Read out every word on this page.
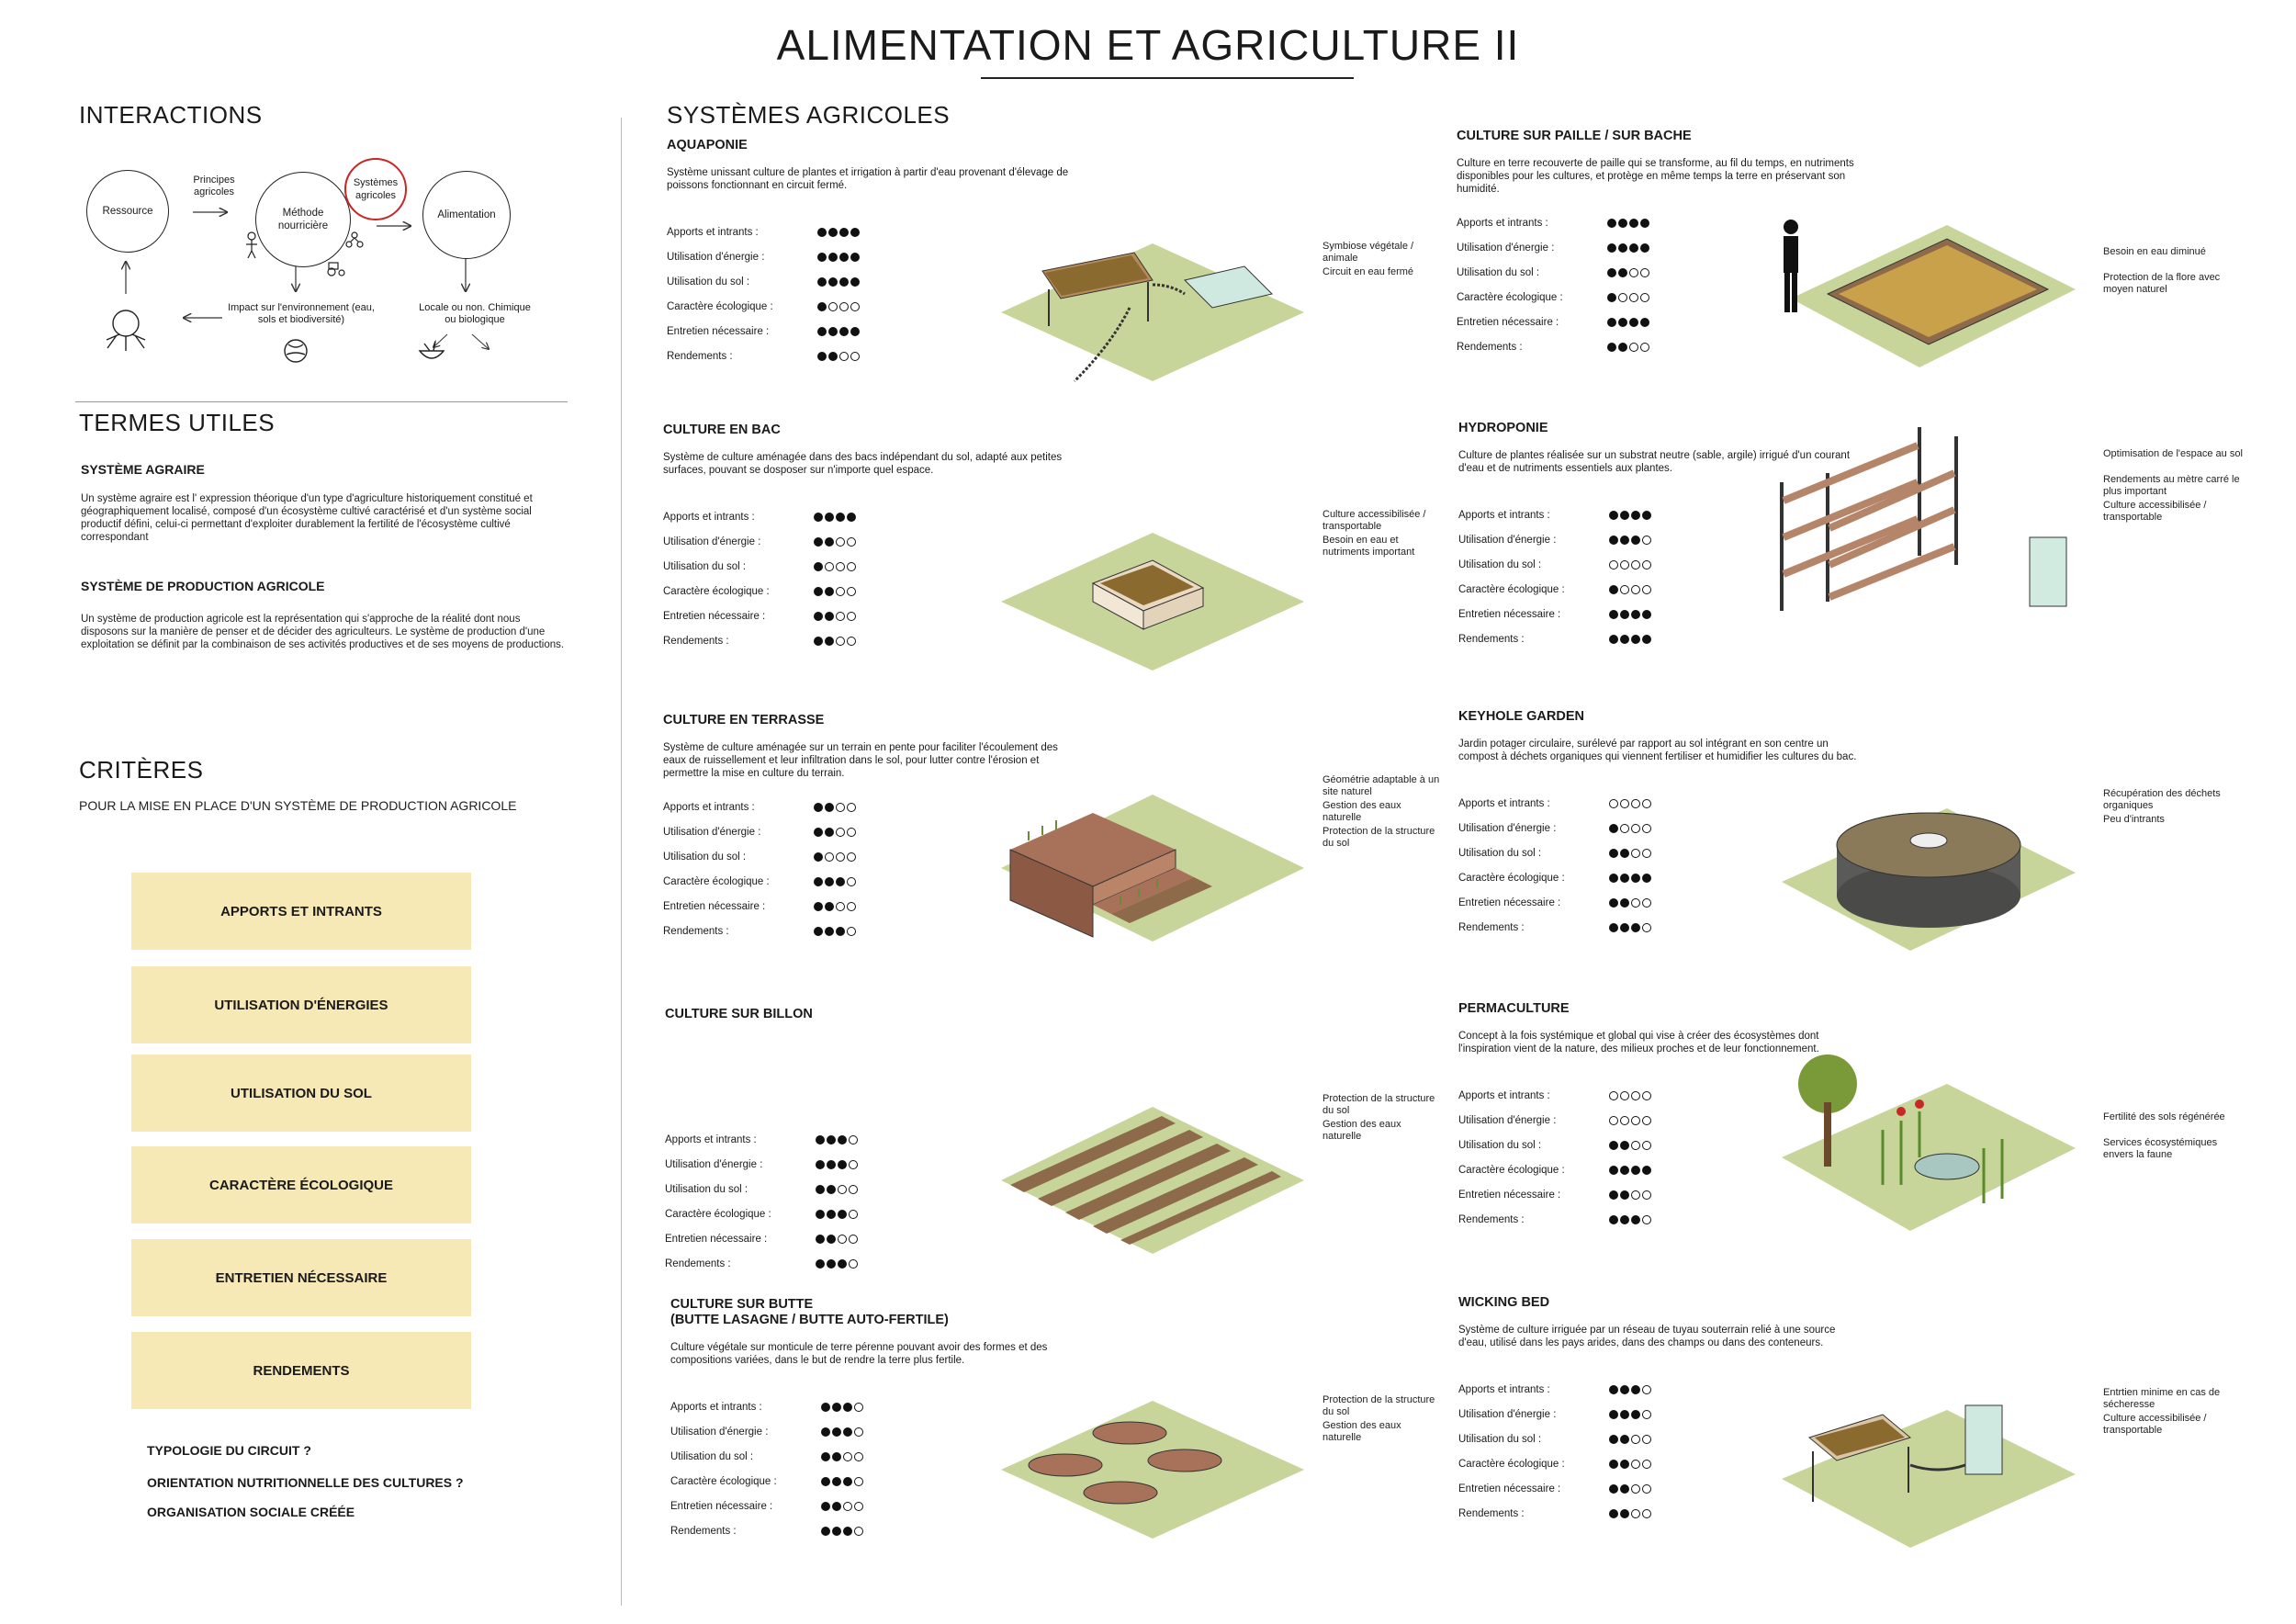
ALIMENTATION ET AGRICULTURE II
INTERACTIONS
Ressource	Méthode nourricière
Systèmes agricoles
Alimentation
Principes agricoles
Impact sur l'environnement (eau, sols et biodiversité)
Locale ou non. Chimique ou biologique
TERMES UTILES
SYSTÈME AGRAIRE
Un système agraire est l' expression théorique d'un type d'agriculture historiquement constitué et géographiquement localisé, composé d'un écosystème cultivé caractérisé et d'un système social productif défini, celui-ci permettant d'exploiter durablement la fertilité de l'écosystème cultivé correspondant
SYSTÈME DE PRODUCTION AGRICOLE
Un système de production agricole est la représentation qui s'approche de la réalité dont nous disposons sur la manière de penser et de décider des agriculteurs. Le système de production d'une exploitation se définit par la combinaison de ses activités productives et de ses moyens de productions.
CRITÈRES
POUR LA MISE EN PLACE D'UN SYSTÈME DE PRODUCTION AGRICOLE
APPORTS ET INTRANTS
UTILISATION D'ÉNERGIES
UTILISATION DU SOL
CARACTÈRE ÉCOLOGIQUE
ENTRETIEN NÉCESSAIRE
RENDEMENTS
TYPOLOGIE DU CIRCUIT ?
ORIENTATION NUTRITIONNELLE DES CULTURES ?
ORGANISATION SOCIALE CRÉÉE
SYSTÈMES AGRICOLES
AQUAPONIE
Système unissant culture de plantes et irrigation à partir d'eau provenant d'élevage de poissons fonctionnant en circuit fermé.
Apports et intrants :
Utilisation d'énergie :
Utilisation du sol :
Caractère écologique :
Entretien nécessaire :
Rendements :
CULTURE EN BAC
Système de culture aménagée dans des bacs indépendant du sol, adapté aux petites surfaces, pouvant se dosposer sur n'importe quel espace.
Apports et intrants :
Utilisation d'énergie :
Utilisation du sol :
Caractère écologique :
Entretien nécessaire :
Rendements :
CULTURE EN TERRASSE
Système de culture aménagée sur un terrain en pente pour faciliter l'écoulement des eaux de ruissellement et leur infiltration dans le sol, pour lutter contre l'érosion et permettre la mise en culture du terrain.
Apports et intrants :
Utilisation d'énergie :
Utilisation du sol :
Caractère écologique :
Entretien nécessaire :
Rendements :
CULTURE SUR BILLON
Apports et intrants :
Utilisation d'énergie :
Utilisation du sol :
Caractère écologique :
Entretien nécessaire :
Rendements :
CULTURE SUR BUTTE
(BUTTE LASAGNE / BUTTE AUTO-FERTILE)
Culture végétale sur monticule de terre pérenne pouvant avoir des formes et des compositions variées, dans le but de rendre la terre plus fertile.
Apports et intrants :
Utilisation d'énergie :
Utilisation du sol :
Caractère écologique :
Entretien nécessaire :
Rendements :
CULTURE SUR PAILLE / SUR BACHE
Culture en terre recouverte de paille qui se transforme, au fil du temps, en nutriments disponibles pour les cultures, et protège en même temps la terre en préservant son humidité.
Apports et intrants :
Utilisation d'énergie :
Utilisation du sol :
Caractère écologique :
Entretien nécessaire :
Rendements :
HYDROPONIE
Culture de plantes réalisée sur un substrat neutre (sable, argile) irrigué d'un courant d'eau et de nutriments essentiels aux plantes.
Apports et intrants :
Utilisation d'énergie :
Utilisation du sol :
Caractère écologique :
Entretien nécessaire :
Rendements :
KEYHOLE GARDEN
Jardin potager circulaire, surélevé par rapport au sol intégrant en son centre un compost à déchets organiques qui viennent fertiliser et humidifier les cultures du bac.
Apports et intrants :
Utilisation d'énergie :
Utilisation du sol :
Caractère écologique :
Entretien nécessaire :
Rendements :
PERMACULTURE
Concept à la fois systémique et global qui vise à créer des écosystèmes dont l'inspiration vient de la nature, des milieux proches et de leur fonctionnement.
Apports et intrants :
Utilisation d'énergie :
Utilisation du sol :
Caractère écologique :
Entretien nécessaire :
Rendements :
WICKING BED
Système de culture irriguée par un réseau de tuyau souterrain relié à une source d'eau, utilisé dans les pays arides, dans des champs ou dans des conteneurs.
Apports et intrants :
Utilisation d'énergie :
Utilisation du sol :
Caractère écologique :
Entretien nécessaire :
Rendements :
Symbiose végétale / animale
Circuit en eau fermé
Culture accessibilisée / transportable
Besoin en eau et nutriments important
Géométrie adaptable à un site naturel
Gestion des eaux naturelle
Protection de la structure du sol
Protection de la structure du sol
Gestion des eaux naturelle
Protection de la structure du sol
Gestion des eaux naturelle
Besoin en eau diminué
Protection de la flore avec moyen naturel
Optimisation de l'espace au sol
Rendements au mètre carré le plus important
Culture accessibilisée / transportable
Récupération des déchets organiques
Peu d'intrants
Fertilité des sols régénérée
Services écosystémiques envers la faune
Entrtien minime en cas de sécheresse
Culture accessibilisée / transportable
